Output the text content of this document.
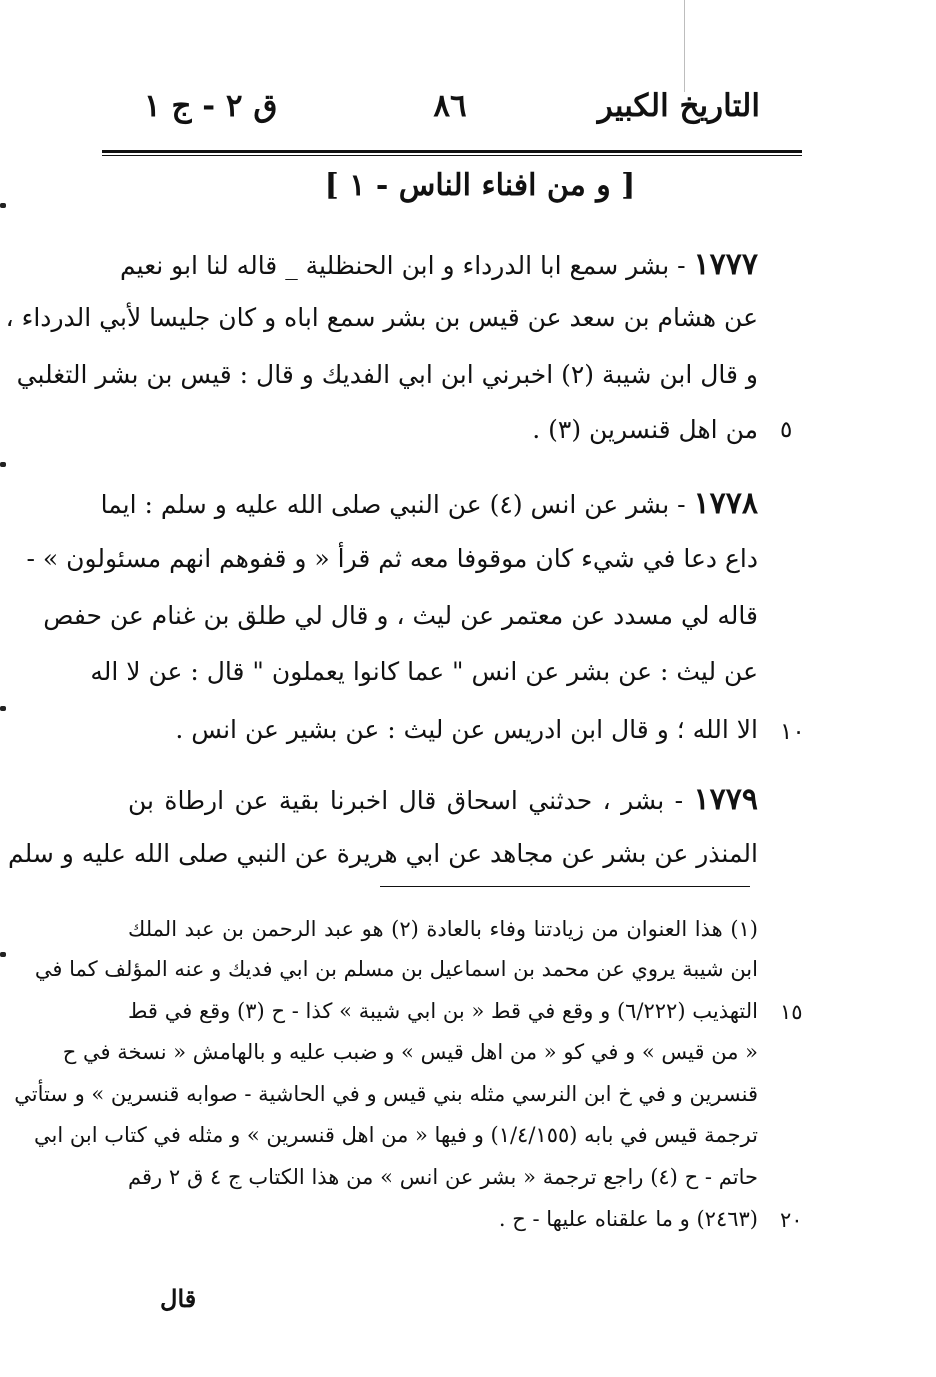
التاريخ الكبير
٨٦
ق ٢ - ج ١
[ و من افناء الناس - ١ ]
١٧٧٧ - بشر سمع ابا الدرداء و ابن الحنظلية _ قاله لنا ابو نعيم
عن هشام بن سعد عن قيس بن بشر سمع اباه و كان جليسا لأبي الدرداء ،
و قال ابن شيبة (٢) اخبرني ابن ابي الفديك و قال : قيس بن بشر التغلبي
من اهل قنسرين (٣) . ٥
١٧٧٨ - بشر عن انس (٤) عن النبي صلى الله عليه و سلم : ايما
داع دعا في شيء كان موقوفا معه ثم قرأ « و قفوهم انهم مسئولون » -
قاله لي مسدد عن معتمر عن ليث ، و قال لي طلق بن غنام عن حفص
عن ليث : عن بشر عن انس " عما كانوا يعملون " قال : عن لا اله
الا الله ؛ و قال ابن ادريس عن ليث : عن بشير عن انس . ١٠
١٧٧٩ - بشر ، حدثني اسحاق قال اخبرنا بقية عن ارطاة بن
المنذر عن بشر عن مجاهد عن ابي هريرة عن النبي صلى الله عليه و سلم
(١) هذا العنوان من زيادتنا وفاء بالعادة (٢) هو عبد الرحمن بن عبد الملك
ابن شيبة يروي عن محمد بن اسماعيل بن مسلم بن ابي فديك و عنه المؤلف كما في
التهذيب (٦/٢٢٢) و وقع في قط « بن ابي شيبة » كذا - ح (٣) وقع في قط ١٥
« من قيس » و في كو « من اهل قيس » و ضبب عليه و بالهامش « نسخة في ح
قنسرين و في خ ابن النرسي مثله بني قيس و في الحاشية - صوابه قنسرين » و ستأتي
ترجمة قيس في بابه (١/٤/١٥٥) و فيها « من اهل قنسرين » و مثله في كتاب ابن ابي
حاتم - ح (٤) راجع ترجمة « بشر عن انس » من هذا الكتاب ج ٤ ق ٢ رقم
(٢٤٦٣) و ما علقناه عليها - ح . ٢٠
قال
